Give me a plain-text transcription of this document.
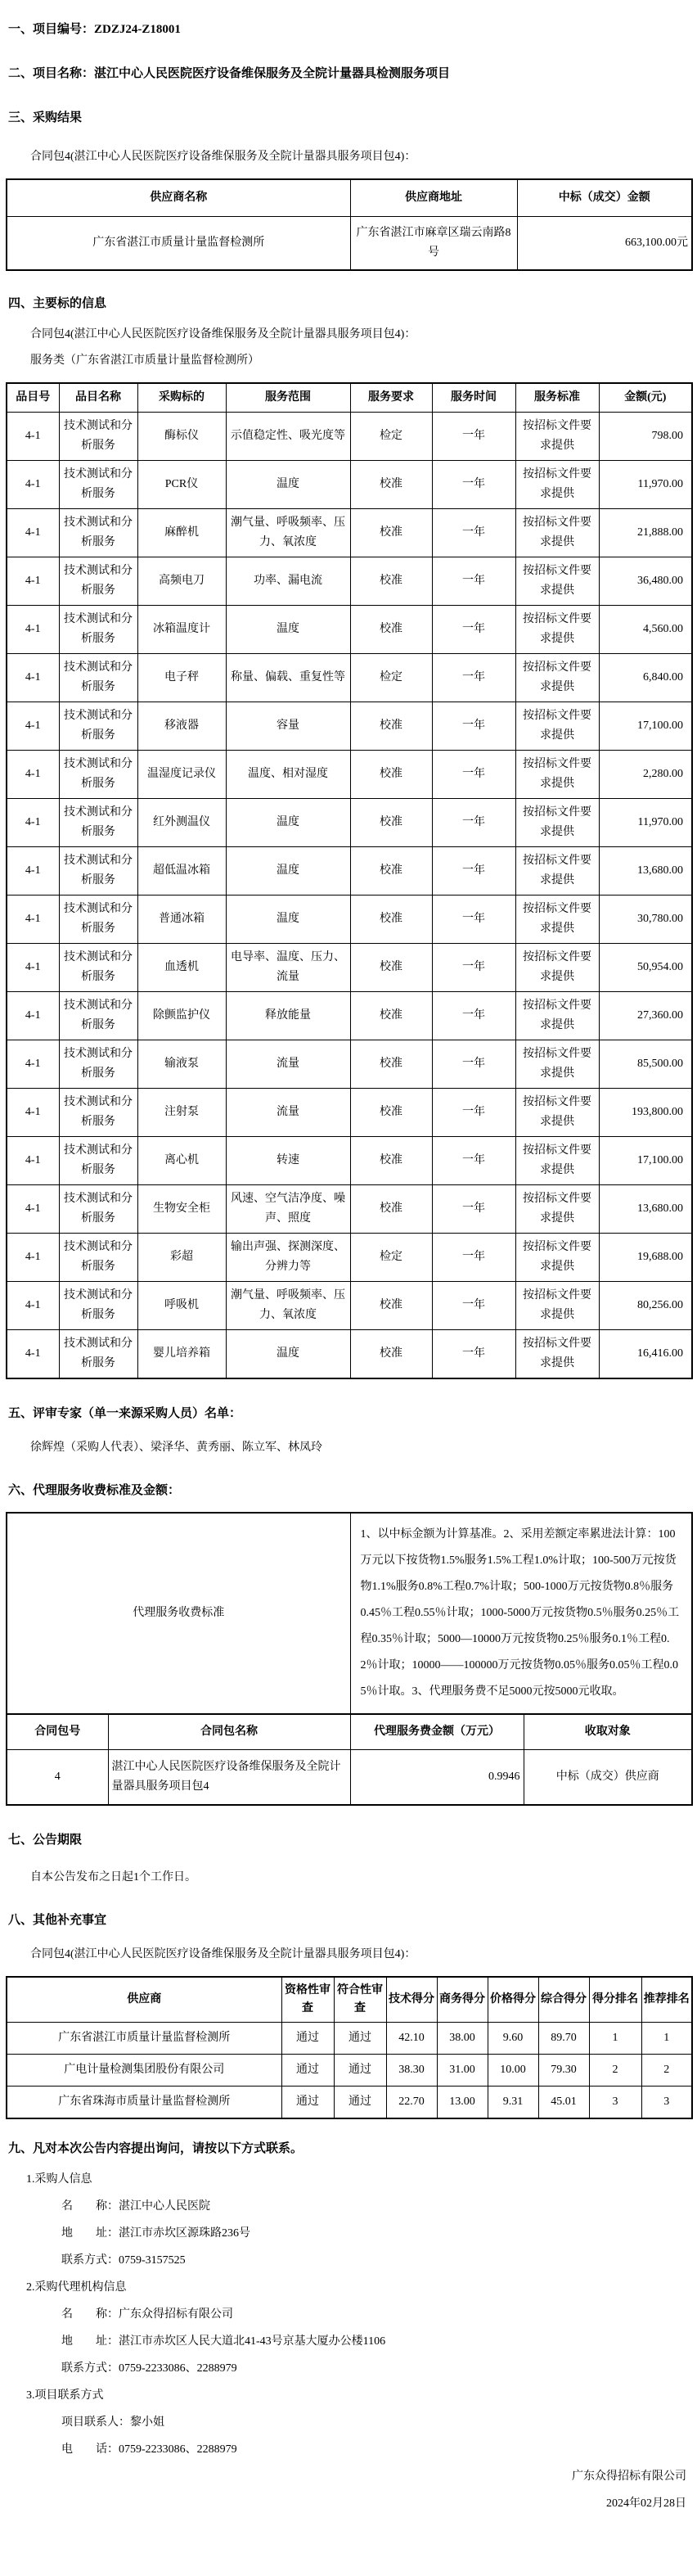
一、项目编号：ZDZJ24-Z18001
二、项目名称：湛江中心人民医院医疗设备维保服务及全院计量器具检测服务项目
三、采购结果
合同包4(湛江中心人民医院医疗设备维保服务及全院计量器具服务项目包4)：
供应商名称	供应商地址	中标（成交）金额
广东省湛江市质量计量监督检测所	广东省湛江市麻章区瑞云南路8号	663,100.00元
四、主要标的信息
合同包4(湛江中心人民医院医疗设备维保服务及全院计量器具服务项目包4)：
服务类（广东省湛江市质量计量监督检测所）
品目号	品目名称	采购标的	服务范围	服务要求	服务时间	服务标准	金额(元)
4-1	技术测试和分析服务	酶标仪	示值稳定性、吸光度等	检定	一年	按招标文件要求提供	798.00
4-1	技术测试和分析服务	PCR仪	温度	校准	一年	按招标文件要求提供	11,970.00
4-1	技术测试和分析服务	麻醉机	潮气量、呼吸频率、压力、氧浓度	校准	一年	按招标文件要求提供	21,888.00
4-1	技术测试和分析服务	高频电刀	功率、漏电流	校准	一年	按招标文件要求提供	36,480.00
4-1	技术测试和分析服务	冰箱温度计	温度	校准	一年	按招标文件要求提供	4,560.00
4-1	技术测试和分析服务	电子秤	称量、偏载、重复性等	检定	一年	按招标文件要求提供	6,840.00
4-1	技术测试和分析服务	移液器	容量	校准	一年	按招标文件要求提供	17,100.00
4-1	技术测试和分析服务	温湿度记录仪	温度、相对湿度	校准	一年	按招标文件要求提供	2,280.00
4-1	技术测试和分析服务	红外测温仪	温度	校准	一年	按招标文件要求提供	11,970.00
4-1	技术测试和分析服务	超低温冰箱	温度	校准	一年	按招标文件要求提供	13,680.00
4-1	技术测试和分析服务	普通冰箱	温度	校准	一年	按招标文件要求提供	30,780.00
4-1	技术测试和分析服务	血透机	电导率、温度、压力、流量	校准	一年	按招标文件要求提供	50,954.00
4-1	技术测试和分析服务	除颤监护仪	释放能量	校准	一年	按招标文件要求提供	27,360.00
4-1	技术测试和分析服务	输液泵	流量	校准	一年	按招标文件要求提供	85,500.00
4-1	技术测试和分析服务	注射泵	流量	校准	一年	按招标文件要求提供	193,800.00
4-1	技术测试和分析服务	离心机	转速	校准	一年	按招标文件要求提供	17,100.00
4-1	技术测试和分析服务	生物安全柜	风速、空气洁净度、噪声、照度	校准	一年	按招标文件要求提供	13,680.00
4-1	技术测试和分析服务	彩超	输出声强、探测深度、分辨力等	检定	一年	按招标文件要求提供	19,688.00
4-1	技术测试和分析服务	呼吸机	潮气量、呼吸频率、压力、氧浓度	校准	一年	按招标文件要求提供	80,256.00
4-1	技术测试和分析服务	婴儿培养箱	温度	校准	一年	按招标文件要求提供	16,416.00
五、评审专家（单一来源采购人员）名单：
徐辉煌（采购人代表）、梁泽华、黄秀丽、陈立军、林凤玲
六、代理服务收费标准及金额：
代理服务收费标准	1、以中标金额为计算基准。2、采用差额定率累进法计算：100万元以下按货物1.5%服务1.5%工程1.0%计取；100-500万元按货物1.1%服务0.8%工程0.7%计取；500-1000万元按货物0.8％服务0.45％工程0.55％计取；1000-5000万元按货物0.5％服务0.25％工程0.35％计取；5000—10000万元按货物0.25％服务0.1％工程0.2％计取；10000——100000万元按货物0.05％服务0.05％工程0.05％计取。3、代理服务费不足5000元按5000元收取。
合同包号	合同包名称	代理服务费金额（万元）	收取对象
4	湛江中心人民医院医疗设备维保服务及全院计量器具服务项目包4	0.9946	中标（成交）供应商
七、公告期限
自本公告发布之日起1个工作日。
八、其他补充事宜
合同包4(湛江中心人民医院医疗设备维保服务及全院计量器具服务项目包4)：
供应商	资格性审查	符合性审查	技术得分	商务得分	价格得分	综合得分	得分排名	推荐排名
广东省湛江市质量计量监督检测所	通过	通过	42.10	38.00	9.60	89.70	1	1
广电计量检测集团股份有限公司	通过	通过	38.30	31.00	10.00	79.30	2	2
广东省珠海市质量计量监督检测所	通过	通过	22.70	13.00	9.31	45.01	3	3
九、凡对本次公告内容提出询问，请按以下方式联系。
1.采购人信息
名　　称：湛江中心人民医院
地　　址：湛江市赤坎区源珠路236号
联系方式：0759-3157525
2.采购代理机构信息
名　　称：广东众得招标有限公司
地　　址：湛江市赤坎区人民大道北41-43号京基大厦办公楼1106
联系方式：0759-2233086、2288979
3.项目联系方式
项目联系人：黎小姐
电　　话：0759-2233086、2288979
广东众得招标有限公司
2024年02月28日
